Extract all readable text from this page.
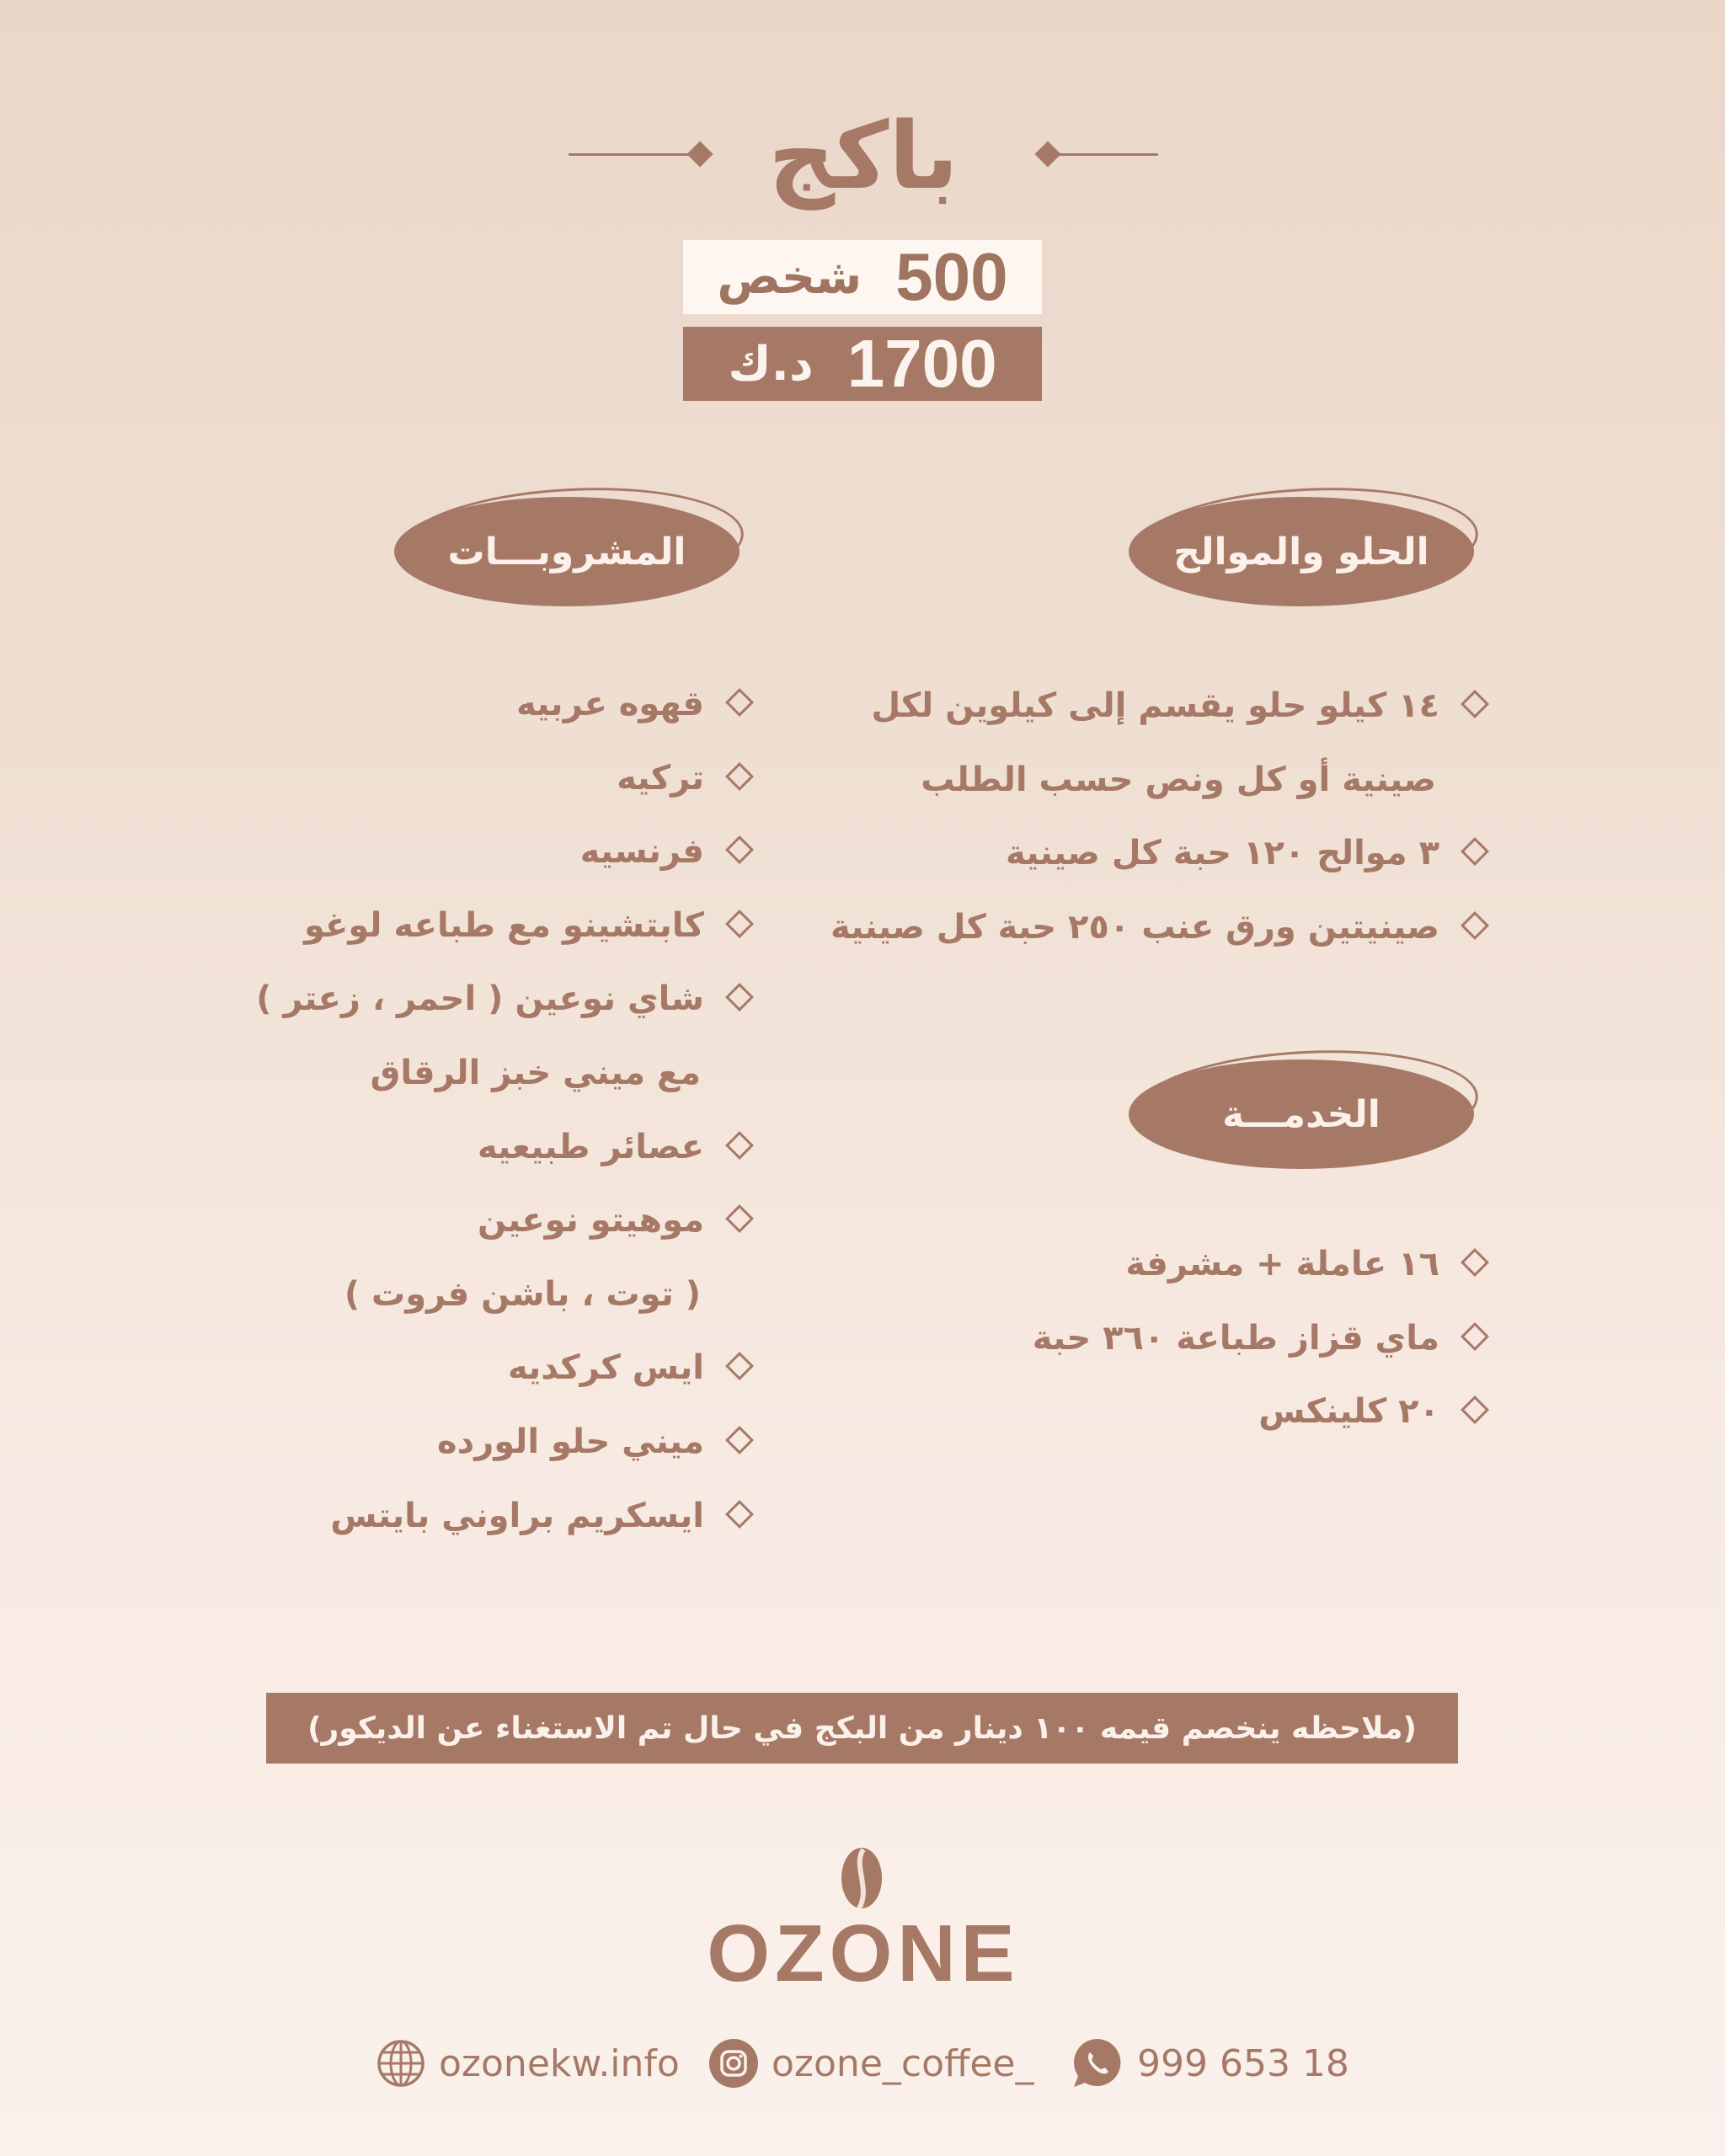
باكج
500
شخص
1700
د.ك
الحلو والموالح
المشروبـــات
الخدمـــة
١٤ كيلو حلو يقسم إلى كيلوين لكل
صينية أو كل ونص حسب الطلب
٣ موالح ١٢٠ حبة كل صينية
صينيتين ورق عنب ٢٥٠ حبة كل صينية
١٦ عاملة + مشرفة
ماي قزاز طباعة ٣٦٠ حبة
٢٠ كلينكس
قهوه عربيه
تركيه
فرنسيه
كابتشينو مع طباعه لوغو
شاي نوعين ( احمر ، زعتر )
مع ميني خبز الرقاق
عصائر طبيعيه
موهيتو نوعين
( توت ، باشن فروت )
ايس كركديه
ميني حلو الورده
ايسكريم براوني بايتس
(ملاحظه ينخصم قيمه ١٠٠ دينار من البكج في حال تم الاستغناء عن الديكور)
OZONE
ozonekw.info ozone_coffee_	999 653 18
